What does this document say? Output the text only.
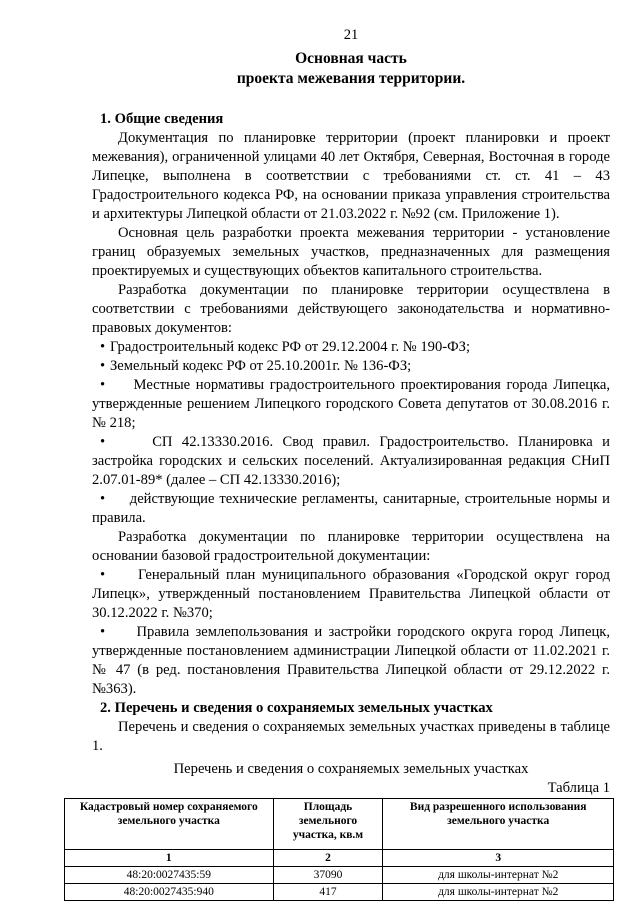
21
Основная часть
проекта межевания территории.
1. Общие сведения

Документация по планировке территории (проект планировки и проект межевания), ограниченной улицами 40 лет Октября, Северная, Восточная в городе Липецке, выполнена в соответствии с требованиями ст. ст. 41 – 43 Градостроительного кодекса РФ, на основании приказа управления строительства и архитектуры Липецкой области от 21.03.2022 г. №92 (см. Приложение 1).

Основная цель разработки проекта межевания территории - установление границ образуемых земельных участков, предназначенных для размещения проектируемых и существующих объектов капитального строительства.

Разработка документации по планировке территории осуществлена в соответствии с требованиями действующего законодательства и нормативно-правовых документов:

• Градостроительный кодекс РФ от 29.12.2004 г. № 190-ФЗ;
• Земельный кодекс РФ от 25.10.2001г. № 136-ФЗ;
•     Местные нормативы градостроительного проектирования города Липецка, утвержденные решением Липецкого городского Совета депутатов от 30.08.2016 г. № 218;
•     СП 42.13330.2016. Свод правил. Градостроительство. Планировка и застройка городских и сельских поселений. Актуализированная редакция СНиП 2.07.01-89* (далее – СП 42.13330.2016);
•     действующие технические регламенты, санитарные, строительные нормы и правила.

Разработка документации по планировке территории осуществлена на основании базовой градостроительной документации:

•     Генеральный план муниципального образования «Городской округ город Липецк», утвержденный постановлением Правительства Липецкой области от 30.12.2022 г. №370;
•     Правила землепользования и застройки городского округа город Липецк, утвержденные постановлением администрации Липецкой области от 11.02.2021 г. № 47 (в ред. постановления Правительства Липецкой области от 29.12.2022 г. №363).
2. Перечень и сведения о сохраняемых земельных участках

Перечень и сведения о сохраняемых земельных участках приведены в таблице 1.

Перечень и сведения о сохраняемых земельных участках
Таблица 1
Кадастровый номер сохраняемого земельного участка	Площадь земельного участка, кв.м	Вид разрешенного использования земельного участка
1	2	3
48:20:0027435:59	37090	для школы-интернат №2
48:20:0027435:940	417	для школы-интернат №2
